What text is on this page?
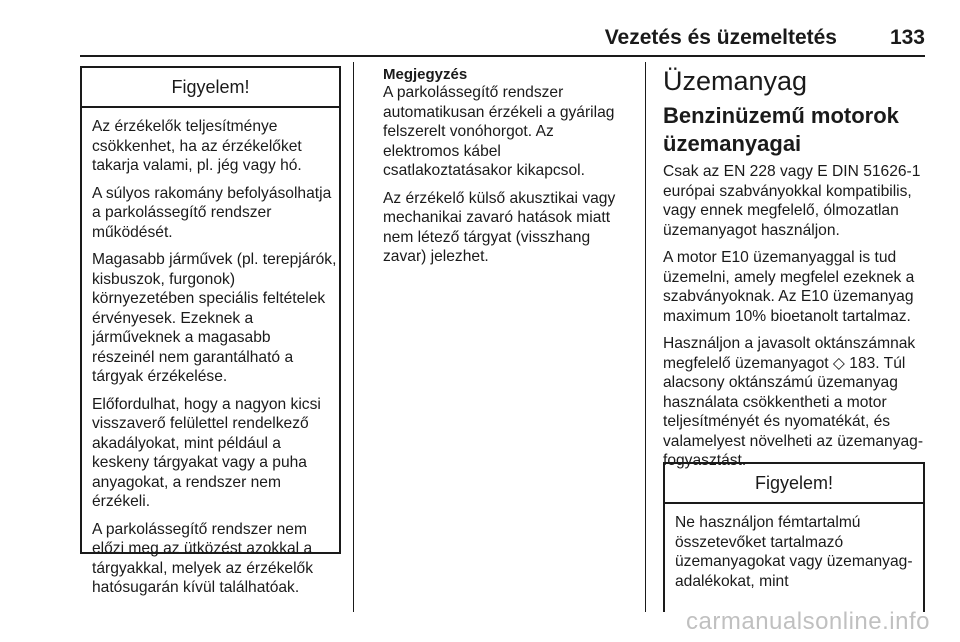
Vezetés és üzemeltetés	133
Figyelem!

Az érzékelők teljesítménye csökkenhet, ha az érzékelőket takarja valami, pl. jég vagy hó.

A súlyos rakomány befolyásolhatja a parkolássegítő rendszer működését.

Magasabb járművek (pl. terepjárók, kisbuszok, furgonok) környezetében speciális feltételek érvényesek. Ezeknek a járműveknek a magasabb részeinél nem garantálható a tárgyak érzékelése.

Előfordulhat, hogy a nagyon kicsi visszaverő felülettel rendelkező akadályokat, mint például a keskeny tárgyakat vagy a puha anyagokat, a rendszer nem érzékeli.

A parkolássegítő rendszer nem előzi meg az ütközést azokkal a tárgyakkal, melyek az érzékelők hatósugarán kívül találhatóak.

Megjegyzés

A parkolássegítő rendszer automatikusan érzékeli a gyárilag felszerelt vonóhorgot. Az elektromos kábel csatlakoztatásakor kikapcsol.

Az érzékelő külső akusztikai vagy mechanikai zavaró hatások miatt nem létező tárgyat (visszhang zavar) jelezhet.

Üzemanyag
Benzinüzemű motorok üzemanyagai

Csak az EN 228 vagy E DIN 51626-1 európai szabványokkal kompatibilis, vagy ennek megfelelő, ólmozatlan üzemanyagot használjon.

A motor E10 üzemanyaggal is tud üzemelni, amely megfelel ezeknek a szabványoknak. Az E10 üzemanyag maximum 10% bioetanolt tartalmaz.

Használjon a javasolt oktánszámnak megfelelő üzemanyagot ◇ 183. Túl alacsony oktánszámú üzemanyag használata csökkentheti a motor teljesítményét és nyomatékát, és valamelyest növelheti az üzemanyag-fogyasztást.

Figyelem!

Ne használjon fémtartalmú összetevőket tartalmazó üzemanyagokat vagy üzemanyag-adalékokat, mint

carmanualsonline.info
